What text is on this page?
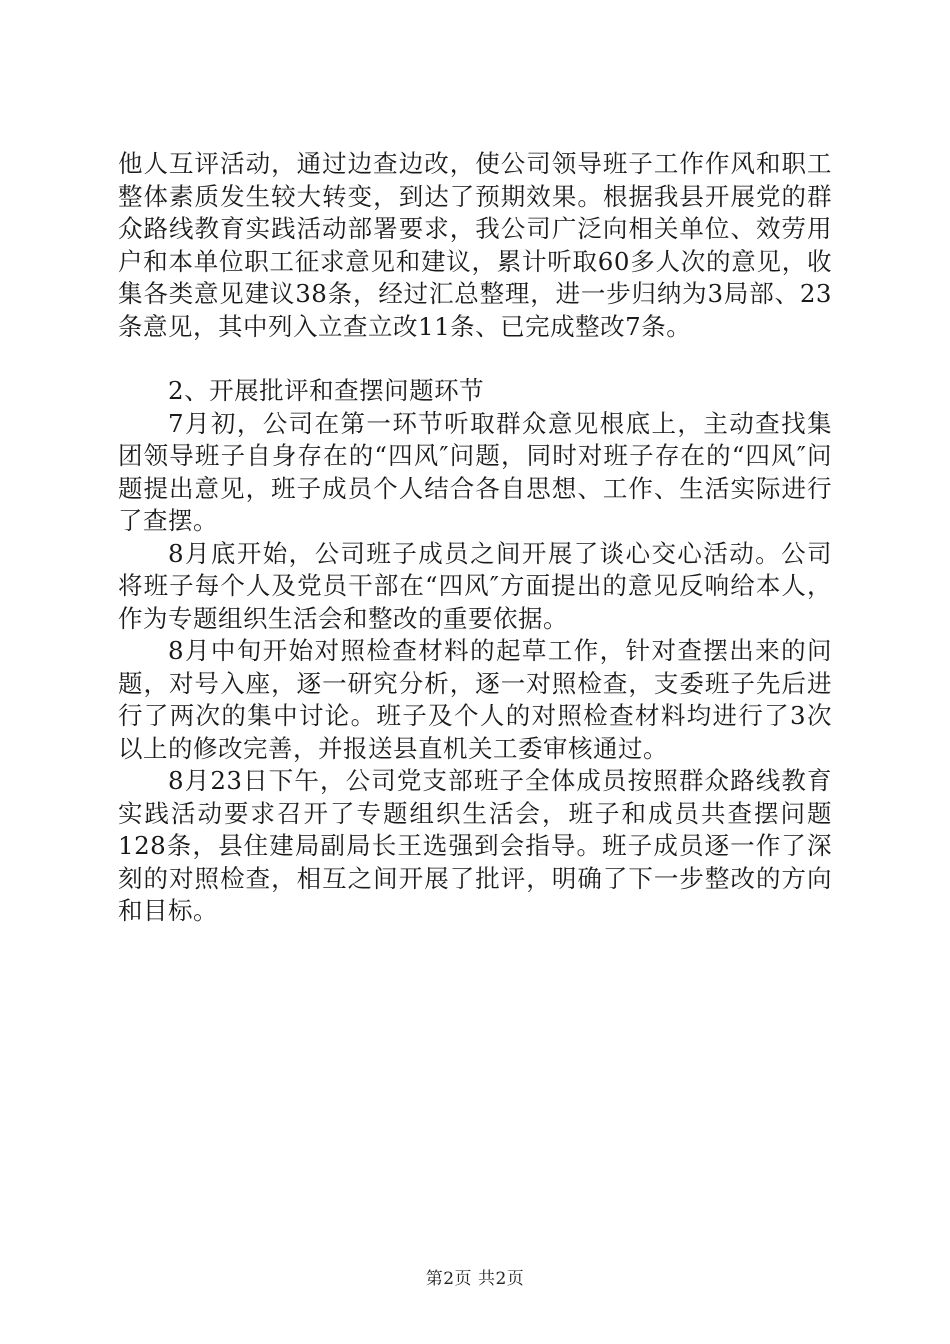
他人互评活动，通过边查边改，使公司领导班子工作作风和职工整体素质发生较大转变，到达了预期效果。根据我县开展党的群众路线教育实践活动部署要求，我公司广泛向相关单位、效劳用户和本单位职工征求意见和建议，累计听取60多人次的意见，收集各类意见建议38条，经过汇总整理，进一步归纳为3局部、23条意见，其中列入立查立改11条、已完成整改7条。

2、开展批评和查摆问题环节

7月初，公司在第一环节听取群众意见根底上，主动查找集团领导班子自身存在的“四风″问题，同时对班子存在的“四风″问题提出意见，班子成员个人结合各自思想、工作、生活实际进行了查摆。

8月底开始，公司班子成员之间开展了谈心交心活动。公司将班子每个人及党员干部在“四风″方面提出的意见反响给本人，作为专题组织生活会和整改的重要依据。

8月中旬开始对照检查材料的起草工作，针对查摆出来的问题，对号入座，逐一研究分析，逐一对照检查，支委班子先后进行了两次的集中讨论。班子及个人的对照检查材料均进行了3次以上的修改完善，并报送县直机关工委审核通过。

8月23日下午，公司党支部班子全体成员按照群众路线教育实践活动要求召开了专题组织生活会，班子和成员共查摆问题128条，县住建局副局长王选强到会指导。班子成员逐一作了深刻的对照检查，相互之间开展了批评，明确了下一步整改的方向和目标。

第2页 共2页
